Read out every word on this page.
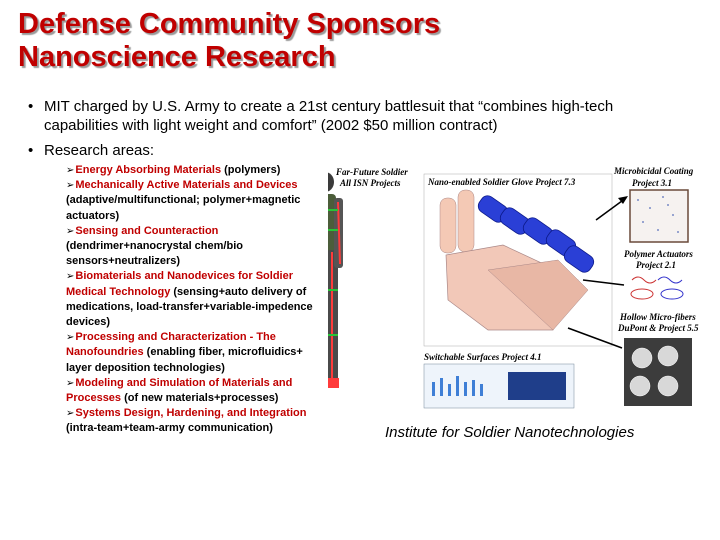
Defense Community Sponsors
Nanoscience Research
• MIT charged by U.S. Army to create a 21st century battlesuit that “combines high-tech capabilities with light weight and comfort” (2002 $50 million contract)
• Research areas:
➢Energy Absorbing Materials (polymers)
➢Mechanically Active Materials and Devices (adaptive/multifunctional; polymer+magnetic actuators)
➢Sensing and Counteraction (dendrimer+nanocrystal chem/bio sensors+neutralizers)
➢Biomaterials and Nanodevices for Soldier Medical Technology (sensing+auto delivery of medications, load-transfer+variable-impedence devices)
➢Processing and Characterization - The Nanofoundries (enabling fiber, microfluidics+ layer deposition technologies)
➢Modeling and Simulation of Materials and Processes (of new materials+processes)
➢Systems Design, Hardening, and Integration (intra-team+team-army communication)
Far-Future Soldier
All ISN Projects	Nano-enabled Soldier Glove Project 7.3
Microbicidal Coating
Project 3.1
Polymer Actuators
Project 2.1
Hollow Micro-fibers
DuPont & Project 5.5
Switchable Surfaces Project 4.1
Institute for Soldier Nanotechnologies
